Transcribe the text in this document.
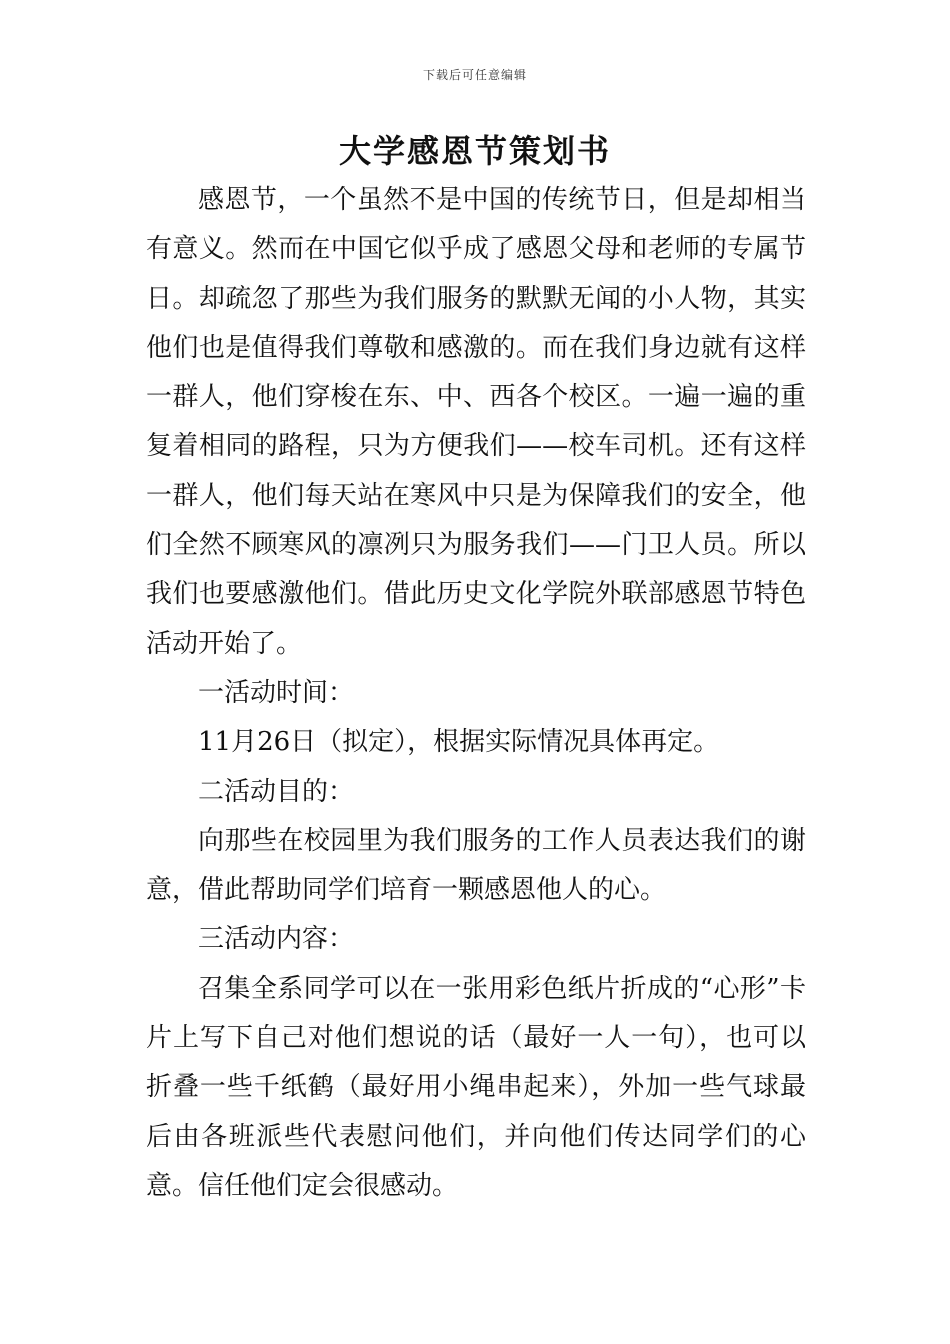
下载后可任意编辑
大学感恩节策划书

感恩节，一个虽然不是中国的传统节日，但是却相当有意义。然而在中国它似乎成了感恩父母和老师的专属节日。却疏忽了那些为我们服务的默默无闻的小人物，其实他们也是值得我们尊敬和感激的。而在我们身边就有这样一群人，他们穿梭在东、中、西各个校区。一遍一遍的重复着相同的路程，只为方便我们——校车司机。还有这样一群人，他们每天站在寒风中只是为保障我们的安全，他们全然不顾寒风的凛冽只为服务我们——门卫人员。所以我们也要感激他们。借此历史文化学院外联部感恩节特色活动开始了。

一活动时间：

11月26日（拟定），根据实际情况具体再定。

二活动目的：

向那些在校园里为我们服务的工作人员表达我们的谢意，借此帮助同学们培育一颗感恩他人的心。

三活动内容：

召集全系同学可以在一张用彩色纸片折成的“心形”卡片上写下自己对他们想说的话（最好一人一句），也可以折叠一些千纸鹤（最好用小绳串起来），外加一些气球最后由各班派些代表慰问他们，并向他们传达同学们的心意。信任他们定会很感动。
